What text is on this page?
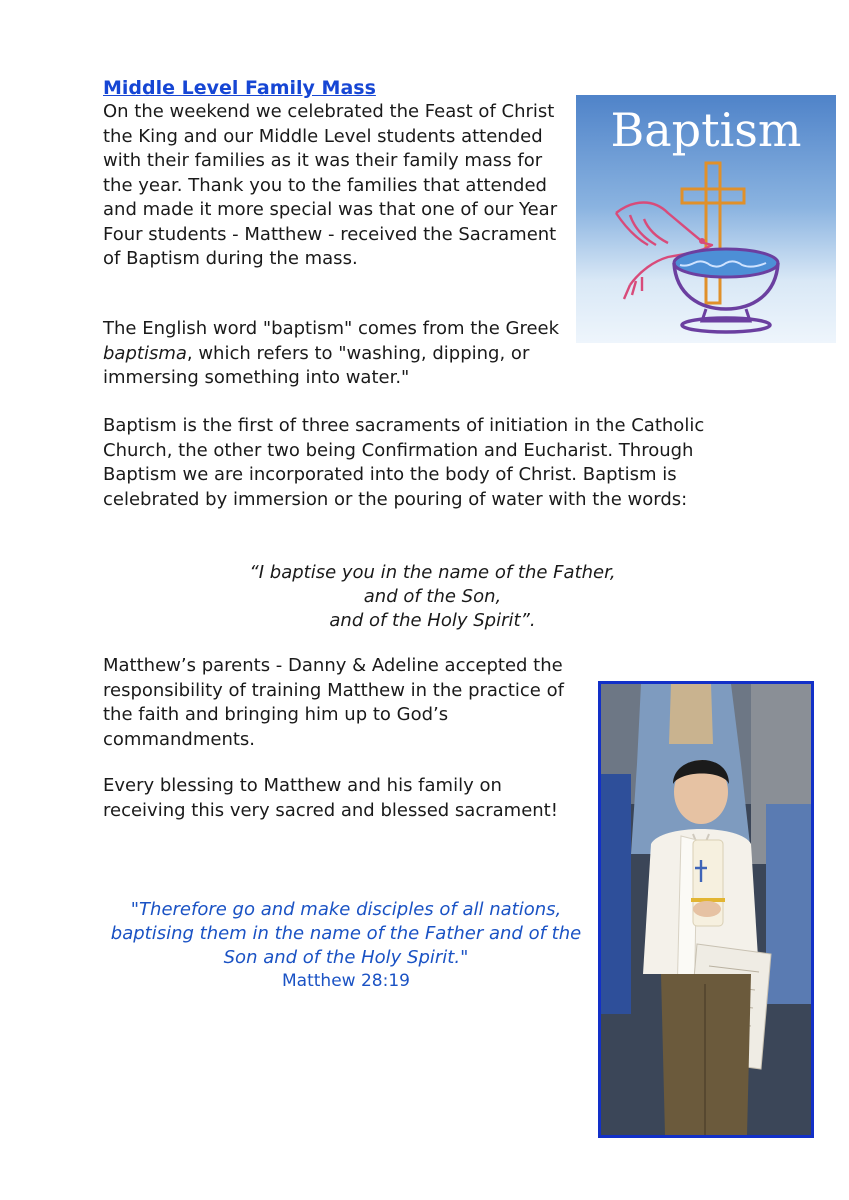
Middle Level Family Mass

On the weekend we celebrated the Feast of Christ the King and our Middle Level students attended with their families as it was their family mass for the year. Thank you to the families that attended and made it more special was that one of our Year Four students - Matthew - received the Sacrament of Baptism during the mass.

The English word "baptism" comes from the Greek baptisma, which refers to "washing, dipping, or immersing something into water."

Baptism is the first of three sacraments of initiation in the Catholic Church, the other two being Confirmation and Eucharist. Through Baptism we are incorporated into the body of Christ. Baptism is celebrated by immersion or the pouring of water with the words:

“I baptise you in the name of the Father,
and of the Son,
and of the Holy Spirit”.

Matthew’s parents - Danny & Adeline accepted the responsibility of training Matthew in the practice of the faith and bringing him up to God’s commandments.

Every blessing to Matthew and his family on receiving this very sacred and blessed sacrament!

"Therefore go and make disciples of all nations, baptising them in the name of the Father and of the Son and of the Holy Spirit."
Matthew 28:19
Baptism
